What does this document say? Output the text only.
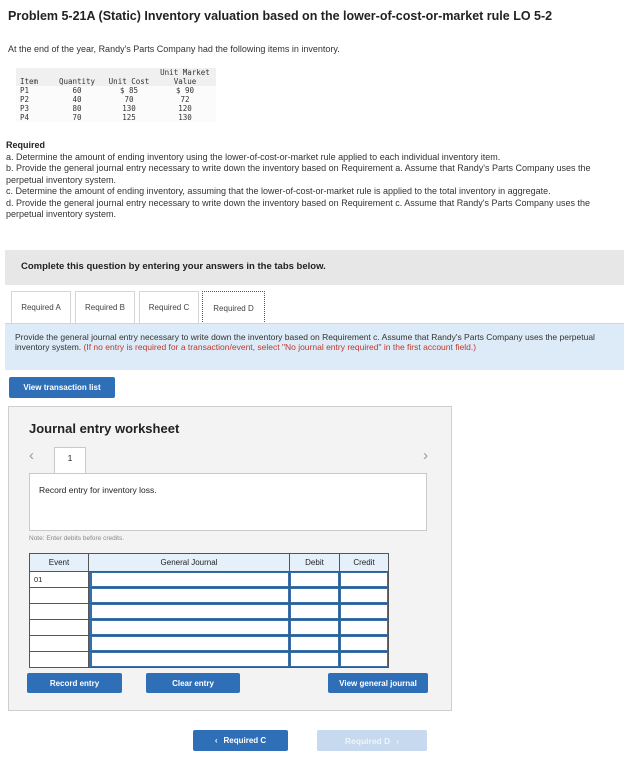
Problem 5-21A (Static) Inventory valuation based on the lower-of-cost-or-market rule LO 5-2
At the end of the year, Randy's Parts Company had the following items in inventory.
			Unit Market
Item	Quantity	Unit Cost	Value
P1	60	$ 85	$ 90
P2	40	70	72
P3	80	130	120
P4	70	125	130
Required
a. Determine the amount of ending inventory using the lower-of-cost-or-market rule applied to each individual inventory item.
b. Provide the general journal entry necessary to write down the inventory based on Requirement a. Assume that Randy's Parts Company uses the perpetual inventory system.
c. Determine the amount of ending inventory, assuming that the lower-of-cost-or-market rule is applied to the total inventory in aggregate.
d. Provide the general journal entry necessary to write down the inventory based on Requirement c. Assume that Randy's Parts Company uses the perpetual inventory system.
Complete this question by entering your answers in the tabs below.
Required A	Required B	Required C	Required D
Provide the general journal entry necessary to write down the inventory based on Requirement c. Assume that Randy's Parts Company uses the perpetual inventory system. (If no entry is required for a transaction/event, select "No journal entry required" in the first account field.)
View transaction list
Journal entry worksheet
‹	1	›
Record entry for inventory loss.
Note: Enter debits before credits.
Event	General Journal	Debit	Credit
01	

Record entry	Clear entry	View general journal
‹ Required C	Required D ›
